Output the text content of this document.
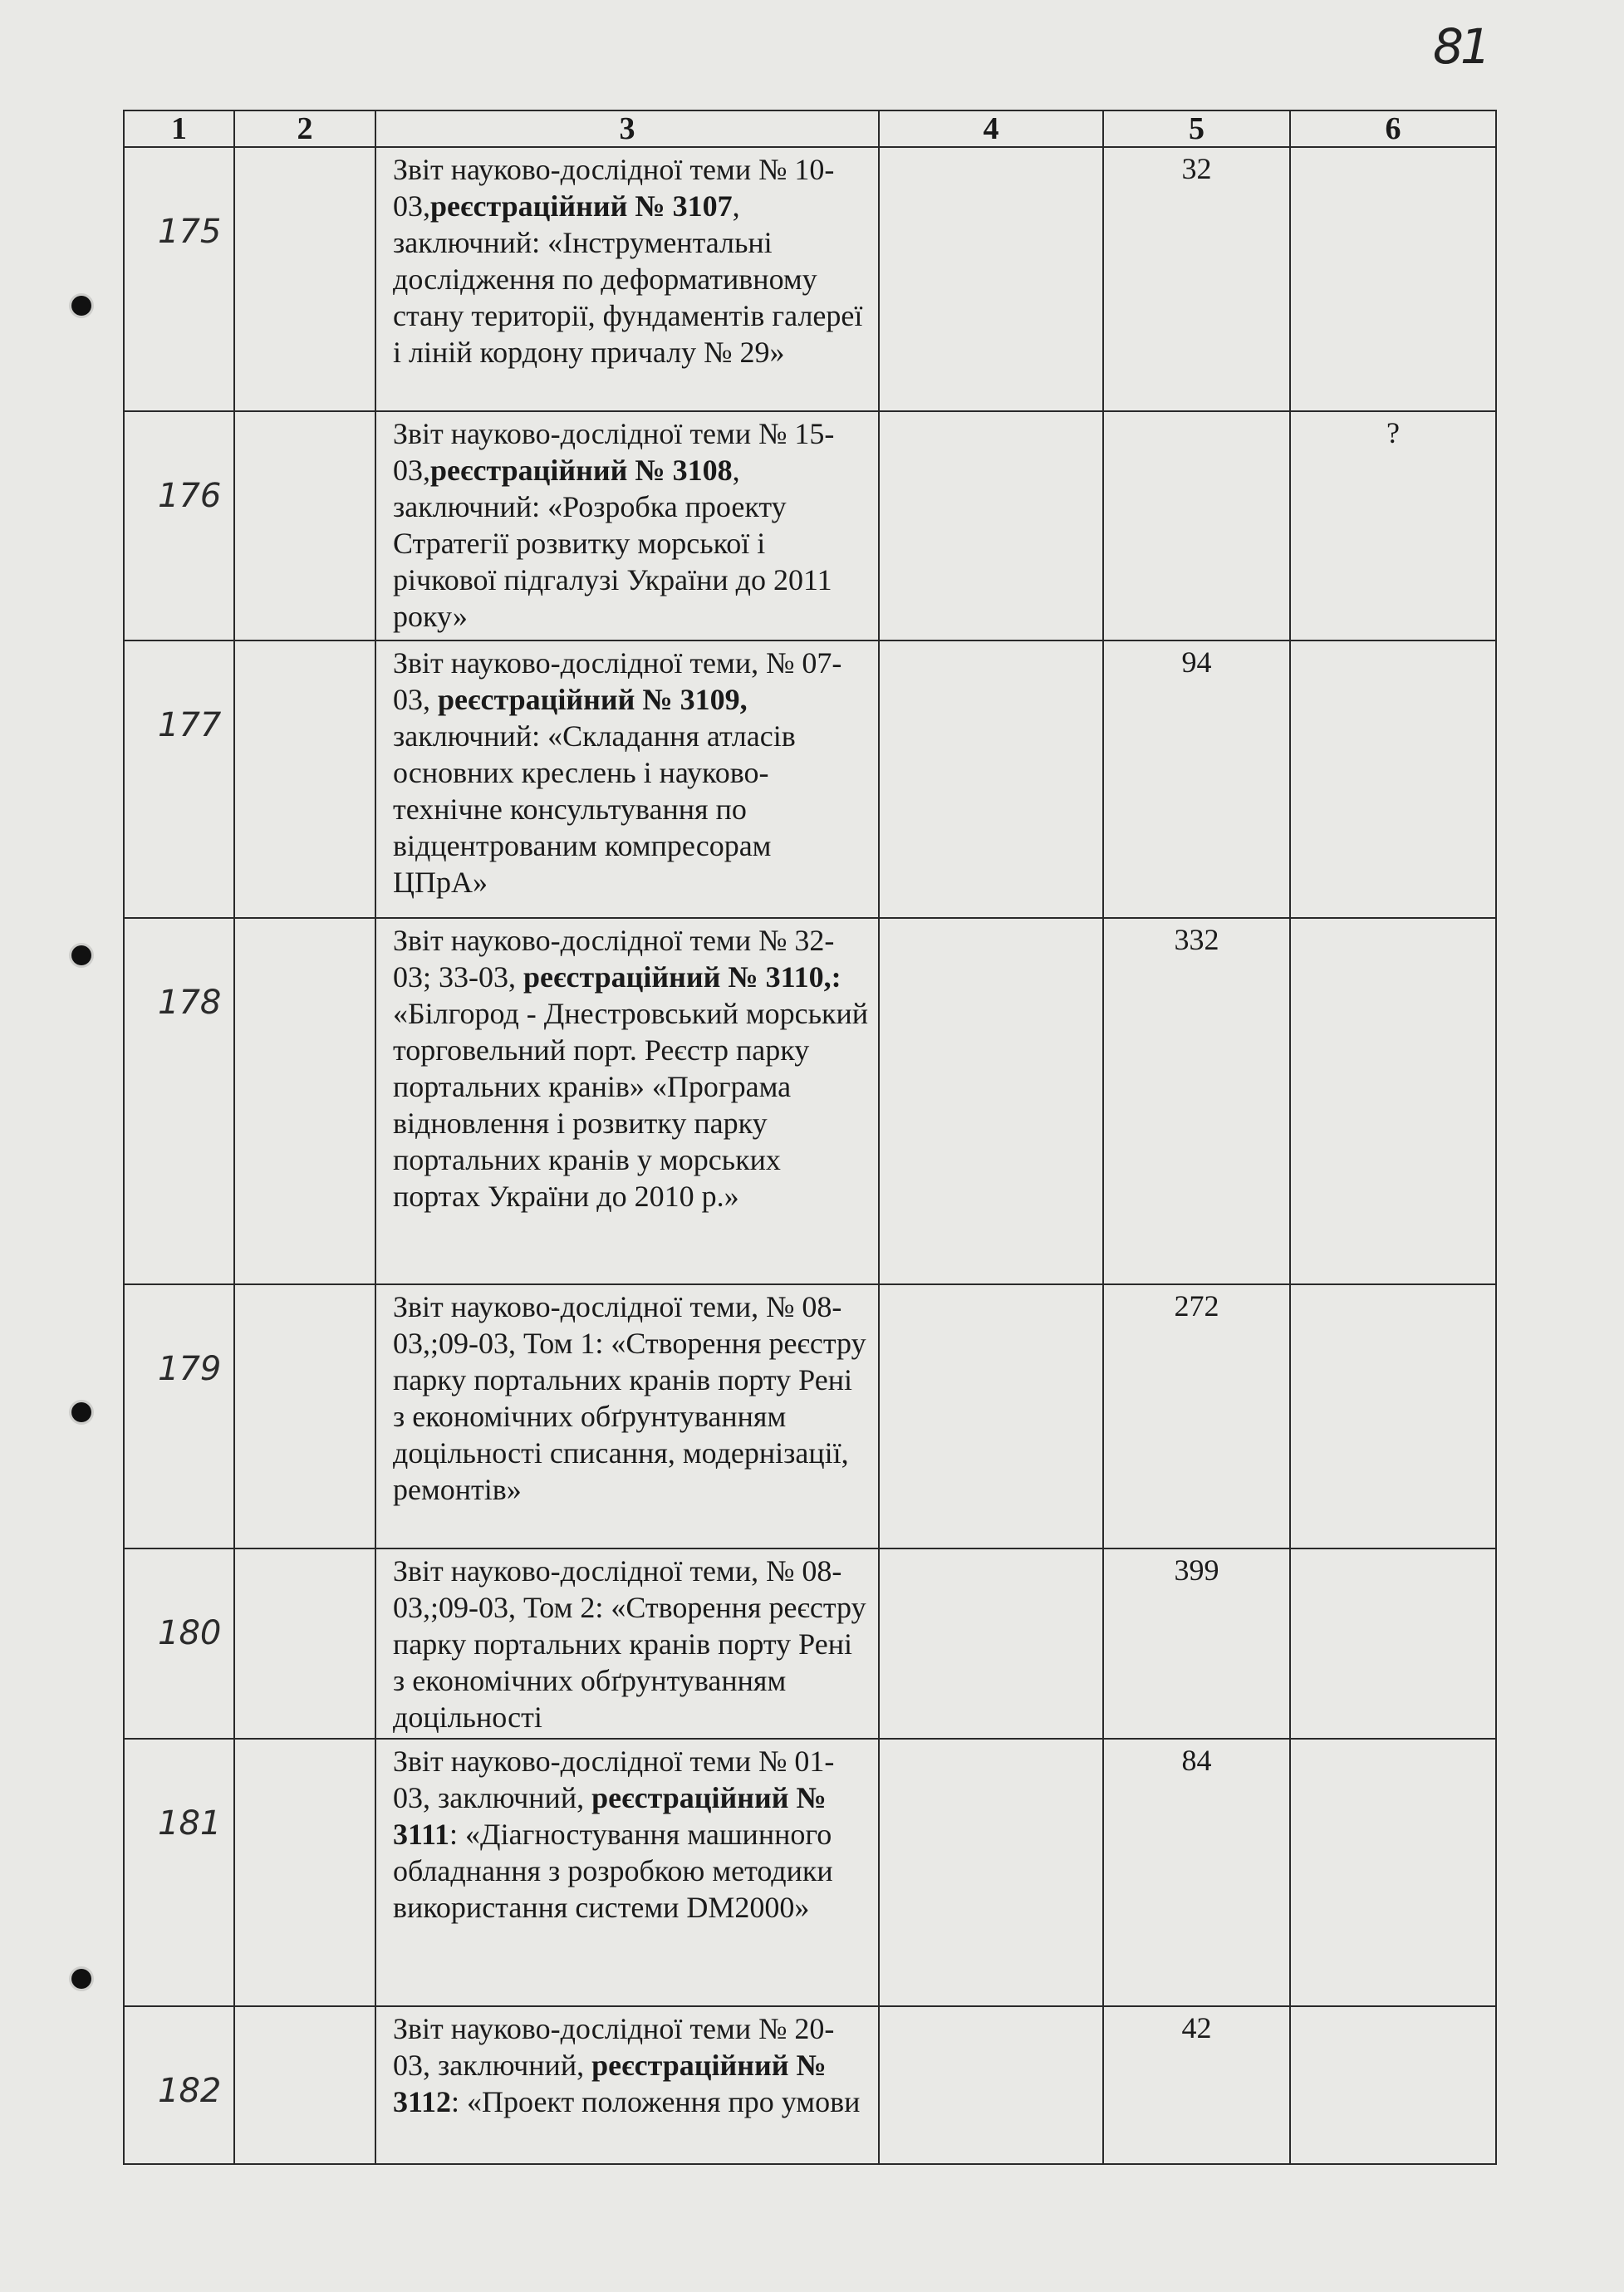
81
1	2	3	4	5	6
175		Звіт науково-дослідної теми № 10-03,реєстраційний № 3107, заключний: «Інструментальні дослідження по деформативному стану території, фундаментів галереї і ліній кордону причалу № 29»		32	
176		Звіт науково-дослідної теми № 15-03,реєстраційний № 3108, заключний: «Розробка проекту Стратегії розвитку морської і річкової підгалузі України до 2011 року»			?
177		Звіт науково-дослідної теми, № 07-03, реєстраційний № 3109, заключний: «Складання атласів основних креслень і науково-технічне консультування по відцентрованим компресорам ЦПрА»		94	
178		Звіт науково-дослідної теми № 32-03; 33-03, реєстраційний № 3110,: «Білгород - Днестровський морський торговельний порт. Реєстр парку портальних кранів» «Програма відновлення і розвитку парку портальних кранів у морських портах України до 2010 р.»		332	
179		Звіт науково-дослідної теми, № 08-03,;09-03, Том 1: «Створення реєстру парку портальних кранів порту Рені з економічних обґрунтуванням доцільності списання, модернізації, ремонтів»		272	
180		Звіт науково-дослідної теми, № 08-03,;09-03, Том 2: «Створення реєстру парку портальних кранів порту Рені з економічних обґрунтуванням доцільності		399	
181		Звіт науково-дослідної теми № 01-03, заключний, реєстраційний № 3111: «Діагностування машинного обладнання з розробкою методики використання системи DM2000»		84	
182		Звіт науково-дослідної теми № 20-03, заключний, реєстраційний № 3112: «Проект положення про умови		42	
